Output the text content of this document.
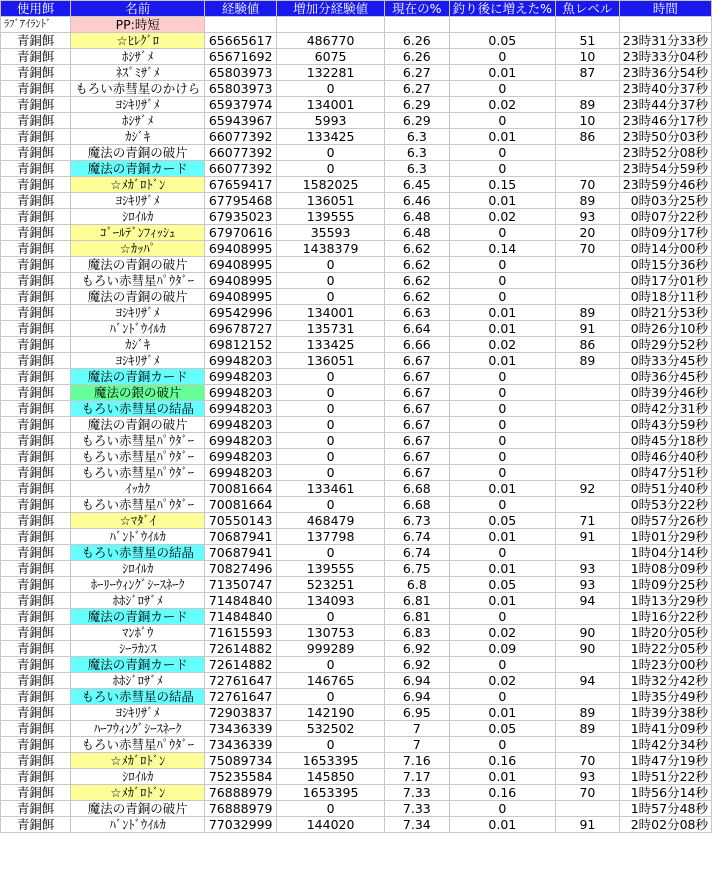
使用餌	名前	経験値	増加分経験値	現在の%	釣り後に増えた%	魚レベル	時間
ﾗﾌﾞｱｲﾗﾝﾄﾞ	PP:時短						
青銅餌	☆ﾋﾚｸﾞﾛ	65665617	486770	6.26	0.05	51	23時31分33秒
青銅餌	ﾎｼｻﾞﾒ	65671692	6075	6.26	0	10	23時33分04秒
青銅餌	ﾈｽﾞﾐｻﾞﾒ	65803973	132281	6.27	0.01	87	23時36分54秒
青銅餌	もろい赤彗星のかけら	65803973	0	6.27	0		23時40分37秒
青銅餌	ﾖｼｷﾘｻﾞﾒ	65937974	134001	6.29	0.02	89	23時44分37秒
青銅餌	ﾎｼｻﾞﾒ	65943967	5993	6.29	0	10	23時46分17秒
青銅餌	ｶｼﾞｷ	66077392	133425	6.3	0.01	86	23時50分03秒
青銅餌	魔法の青銅の破片	66077392	0	6.3	0		23時52分08秒
青銅餌	魔法の青銅カード	66077392	0	6.3	0		23時54分59秒
青銅餌	☆ﾒｶﾞﾛﾄﾞﾝ	67659417	1582025	6.45	0.15	70	23時59分46秒
青銅餌	ﾖｼｷﾘｻﾞﾒ	67795468	136051	6.46	0.01	89	0時03分25秒
青銅餌	ｼﾛｲﾙｶ	67935023	139555	6.48	0.02	93	0時07分22秒
青銅餌	ｺﾞｰﾙﾃﾞﾝﾌｨｯｼｭ	67970616	35593	6.48	0	20	0時09分17秒
青銅餌	☆ｶｯﾊﾟ	69408995	1438379	6.62	0.14	70	0時14分00秒
青銅餌	魔法の青銅の破片	69408995	0	6.62	0		0時15分36秒
青銅餌	もろい赤彗星ﾊﾟｳﾀﾞｰ	69408995	0	6.62	0		0時17分01秒
青銅餌	魔法の青銅の破片	69408995	0	6.62	0		0時18分11秒
青銅餌	ﾖｼｷﾘｻﾞﾒ	69542996	134001	6.63	0.01	89	0時21分53秒
青銅餌	ﾊﾞﾝﾄﾞｳｲﾙｶ	69678727	135731	6.64	0.01	91	0時26分10秒
青銅餌	ｶｼﾞｷ	69812152	133425	6.66	0.02	86	0時29分52秒
青銅餌	ﾖｼｷﾘｻﾞﾒ	69948203	136051	6.67	0.01	89	0時33分45秒
青銅餌	魔法の青銅カード	69948203	0	6.67	0		0時36分45秒
青銅餌	魔法の銀の破片	69948203	0	6.67	0		0時39分46秒
青銅餌	もろい赤彗星の結晶	69948203	0	6.67	0		0時42分31秒
青銅餌	魔法の青銅の破片	69948203	0	6.67	0		0時43分59秒
青銅餌	もろい赤彗星ﾊﾟｳﾀﾞｰ	69948203	0	6.67	0		0時45分18秒
青銅餌	もろい赤彗星ﾊﾟｳﾀﾞｰ	69948203	0	6.67	0		0時46分40秒
青銅餌	もろい赤彗星ﾊﾟｳﾀﾞｰ	69948203	0	6.67	0		0時47分51秒
青銅餌	ｲｯｶｸ	70081664	133461	6.68	0.01	92	0時51分40秒
青銅餌	もろい赤彗星ﾊﾟｳﾀﾞｰ	70081664	0	6.68	0		0時53分22秒
青銅餌	☆ﾏﾀﾞｲ	70550143	468479	6.73	0.05	71	0時57分26秒
青銅餌	ﾊﾞﾝﾄﾞｳｲﾙｶ	70687941	137798	6.74	0.01	91	1時01分29秒
青銅餌	もろい赤彗星の結晶	70687941	0	6.74	0		1時04分14秒
青銅餌	ｼﾛｲﾙｶ	70827496	139555	6.75	0.01	93	1時08分09秒
青銅餌	ﾎｰﾘｰｳｨﾝｸﾞｼｰｽﾈｰｸ	71350747	523251	6.8	0.05	93	1時09分25秒
青銅餌	ﾎﾎｼﾞﾛｻﾞﾒ	71484840	134093	6.81	0.01	94	1時13分29秒
青銅餌	魔法の青銅カード	71484840	0	6.81	0		1時16分22秒
青銅餌	ﾏﾝﾎﾞｳ	71615593	130753	6.83	0.02	90	1時20分05秒
青銅餌	ｼｰﾗｶﾝｽ	72614882	999289	6.92	0.09	90	1時22分05秒
青銅餌	魔法の青銅カード	72614882	0	6.92	0		1時23分00秒
青銅餌	ﾎﾎｼﾞﾛｻﾞﾒ	72761647	146765	6.94	0.02	94	1時32分42秒
青銅餌	もろい赤彗星の結晶	72761647	0	6.94	0		1時35分49秒
青銅餌	ﾖｼｷﾘｻﾞﾒ	72903837	142190	6.95	0.01	89	1時39分38秒
青銅餌	ﾊｰﾌｳｨﾝｸﾞｼｰｽﾈｰｸ	73436339	532502	7	0.05	89	1時41分09秒
青銅餌	もろい赤彗星ﾊﾟｳﾀﾞｰ	73436339	0	7	0		1時42分34秒
青銅餌	☆ﾒｶﾞﾛﾄﾞﾝ	75089734	1653395	7.16	0.16	70	1時47分19秒
青銅餌	ｼﾛｲﾙｶ	75235584	145850	7.17	0.01	93	1時51分22秒
青銅餌	☆ﾒｶﾞﾛﾄﾞﾝ	76888979	1653395	7.33	0.16	70	1時56分14秒
青銅餌	魔法の青銅の破片	76888979	0	7.33	0		1時57分48秒
青銅餌	ﾊﾞﾝﾄﾞｳｲﾙｶ	77032999	144020	7.34	0.01	91	2時02分08秒
